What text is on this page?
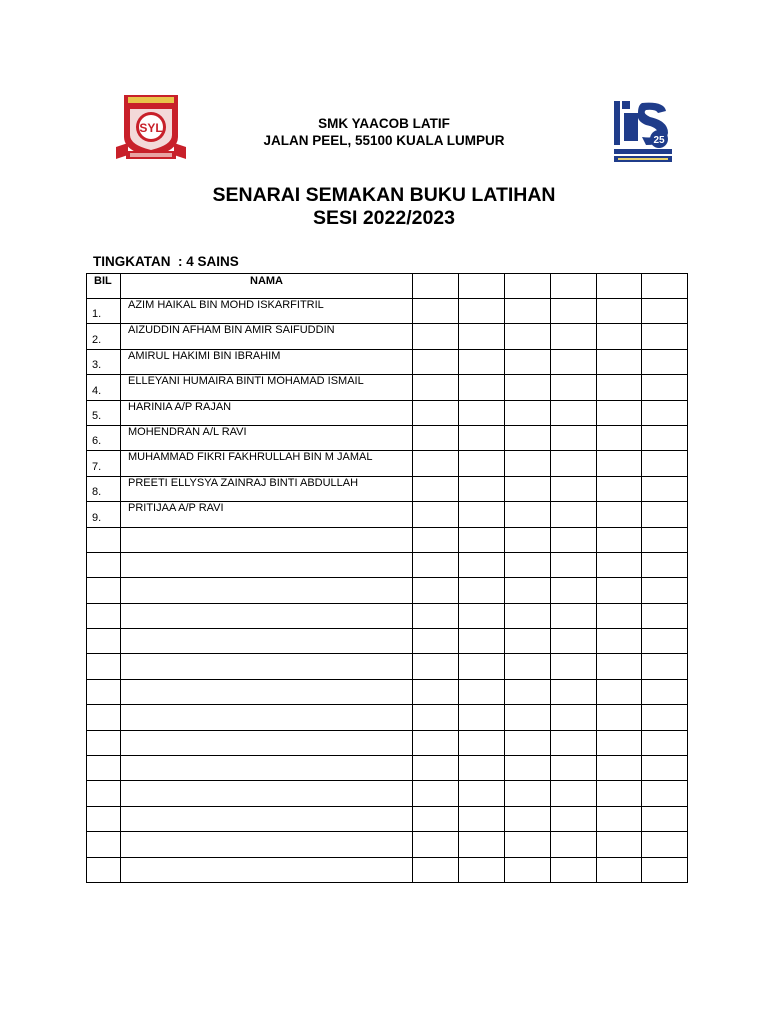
SYL
25
SMK YAACOB LATIF
JALAN PEEL, 55100 KUALA LUMPUR
SENARAI SEMAKAN BUKU LATIHAN
SESI 2022/2023
TINGKATAN  : 4 SAINS
BIL	NAMA						
1.	AZIM HAIKAL BIN MOHD ISKARFITRIL						
2.	AIZUDDIN AFHAM BIN AMIR SAIFUDDIN						
3.	AMIRUL HAKIMI BIN IBRAHIM						
4.	ELLEYANI HUMAIRA BINTI MOHAMAD ISMAIL						
5.	HARINIA A/P RAJAN						
6.	MOHENDRAN A/L RAVI						
7.	MUHAMMAD FIKRI FAKHRULLAH BIN M JAMAL						
8.	PREETI ELLYSYA ZAINRAJ BINTI ABDULLAH						
9.	PRITIJAA A/P RAVI						
